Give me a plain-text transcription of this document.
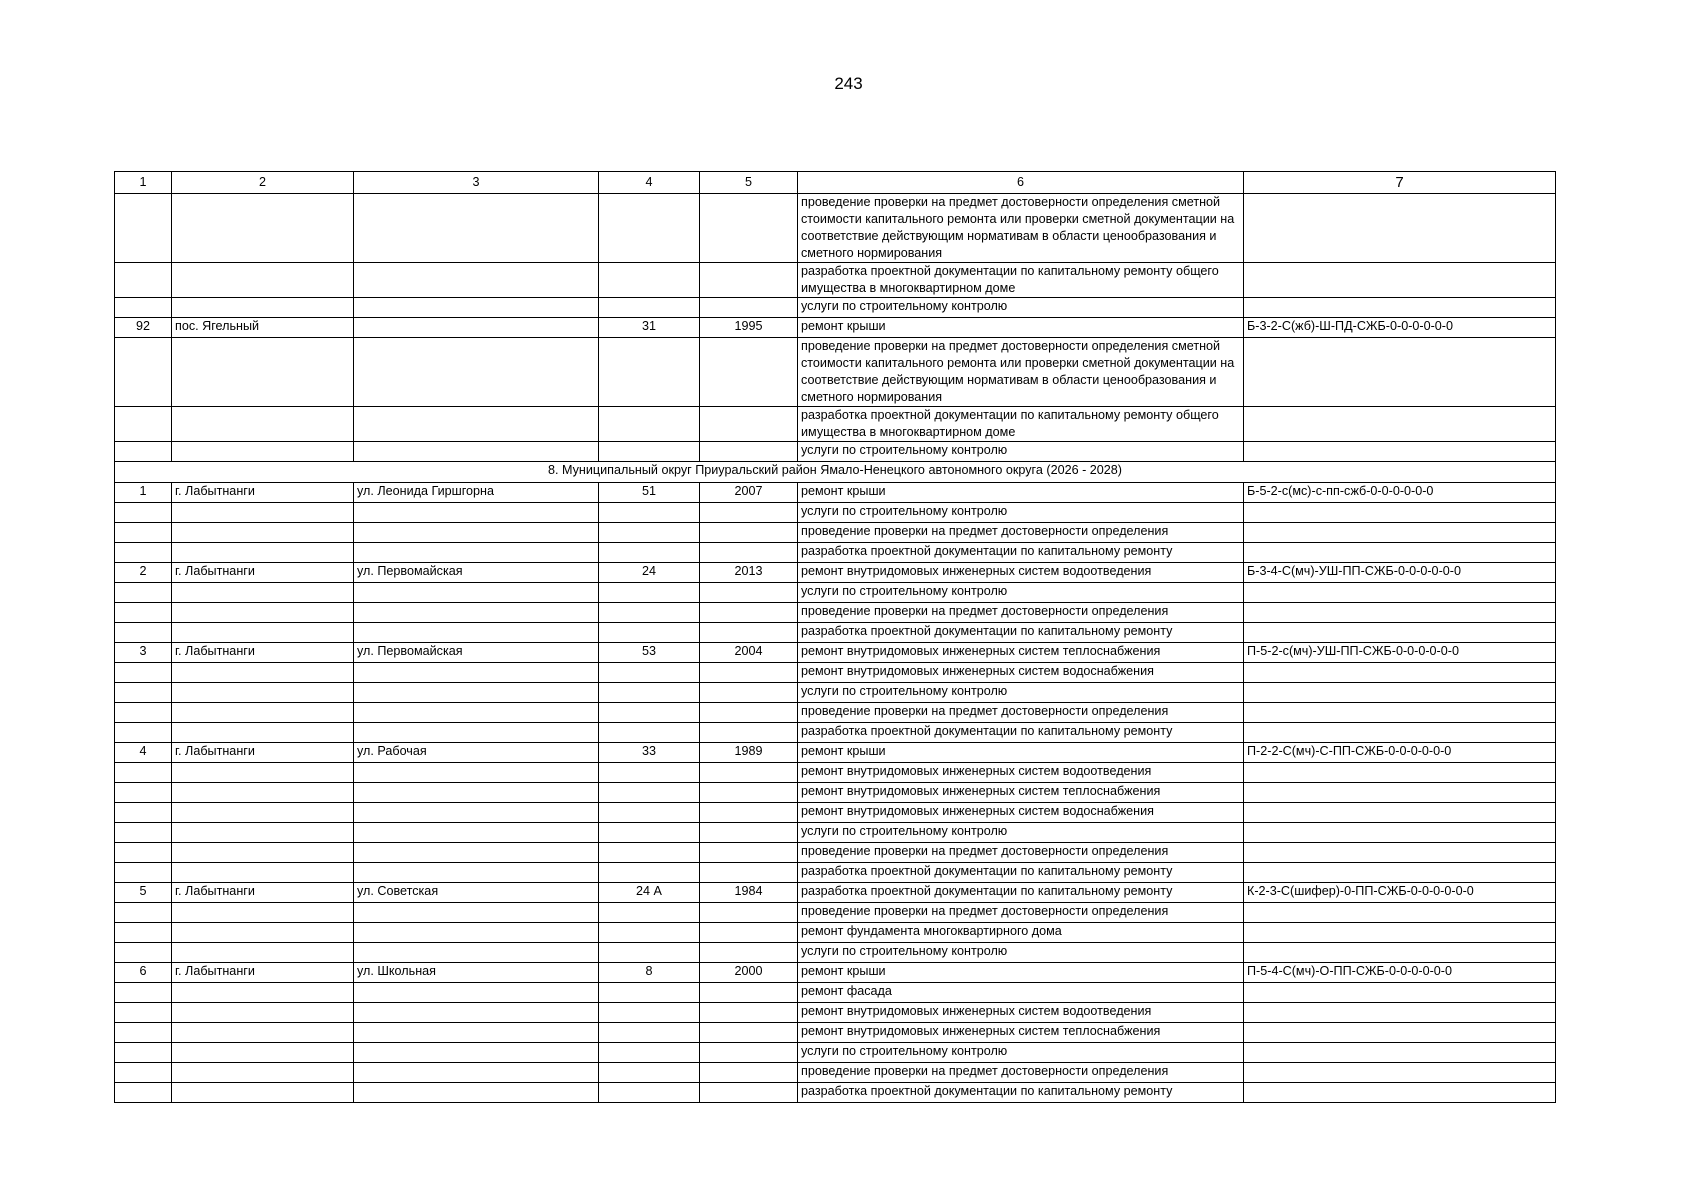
243
1	2	3	4	5	6	7
					проведение проверки на предмет достоверности определения сметной стоимости капитального ремонта или проверки сметной документации на соответствие действующим нормативам в области ценообразования и сметного нормирования	
					разработка проектной документации по капитальному ремонту общего имущества в многоквартирном доме	
					услуги по строительному контролю	
92	пос. Ягельный		31	1995	ремонт крыши	Б-3-2-С(жб)-Ш-ПД-СЖБ-0-0-0-0-0-0
					проведение проверки на предмет достоверности определения сметной стоимости капитального ремонта или проверки сметной документации на соответствие действующим нормативам в области ценообразования и сметного нормирования	
					разработка проектной документации по капитальному ремонту общего имущества в многоквартирном доме	
					услуги по строительному контролю	
8. Муниципальный округ Приуральский район Ямало-Ненецкого автономного округа (2026 - 2028)						
1	г. Лабытнанги	ул. Леонида Гиршгорна	51	2007	ремонт крыши	Б-5-2-с(мс)-с-пп-сжб-0-0-0-0-0-0
					услуги по строительному контролю	
					проведение проверки на предмет достоверности определения	
					разработка проектной документации по капитальному ремонту	
2	г. Лабытнанги	ул. Первомайская	24	2013	ремонт внутридомовых инженерных систем водоотведения	Б-3-4-С(мч)-УШ-ПП-СЖБ-0-0-0-0-0-0
					услуги по строительному контролю	
					проведение проверки на предмет достоверности определения	
					разработка проектной документации по капитальному ремонту	
3	г. Лабытнанги	ул. Первомайская	53	2004	ремонт внутридомовых инженерных систем теплоснабжения	П-5-2-с(мч)-УШ-ПП-СЖБ-0-0-0-0-0-0
					ремонт внутридомовых инженерных систем водоснабжения	
					услуги по строительному контролю	
					проведение проверки на предмет достоверности определения	
					разработка проектной документации по капитальному ремонту	
4	г. Лабытнанги	ул. Рабочая	33	1989	ремонт крыши	П-2-2-С(мч)-С-ПП-СЖБ-0-0-0-0-0-0
					ремонт внутридомовых инженерных систем водоотведения	
					ремонт внутридомовых инженерных систем теплоснабжения	
					ремонт внутридомовых инженерных систем водоснабжения	
					услуги по строительному контролю	
					проведение проверки на предмет достоверности определения	
					разработка проектной документации по капитальному ремонту	
5	г. Лабытнанги	ул. Советская	24 А	1984	разработка проектной документации по капитальному ремонту	К-2-3-С(шифер)-0-ПП-СЖБ-0-0-0-0-0-0
					проведение проверки на предмет достоверности определения	
					ремонт фундамента многоквартирного дома	
					услуги по строительному контролю	
6	г. Лабытнанги	ул. Школьная	8	2000	ремонт крыши	П-5-4-С(мч)-О-ПП-СЖБ-0-0-0-0-0-0
					ремонт фасада	
					ремонт внутридомовых инженерных систем водоотведения	
					ремонт внутридомовых инженерных систем теплоснабжения	
					услуги по строительному контролю	
					проведение проверки на предмет достоверности определения	
					разработка проектной документации по капитальному ремонту	
